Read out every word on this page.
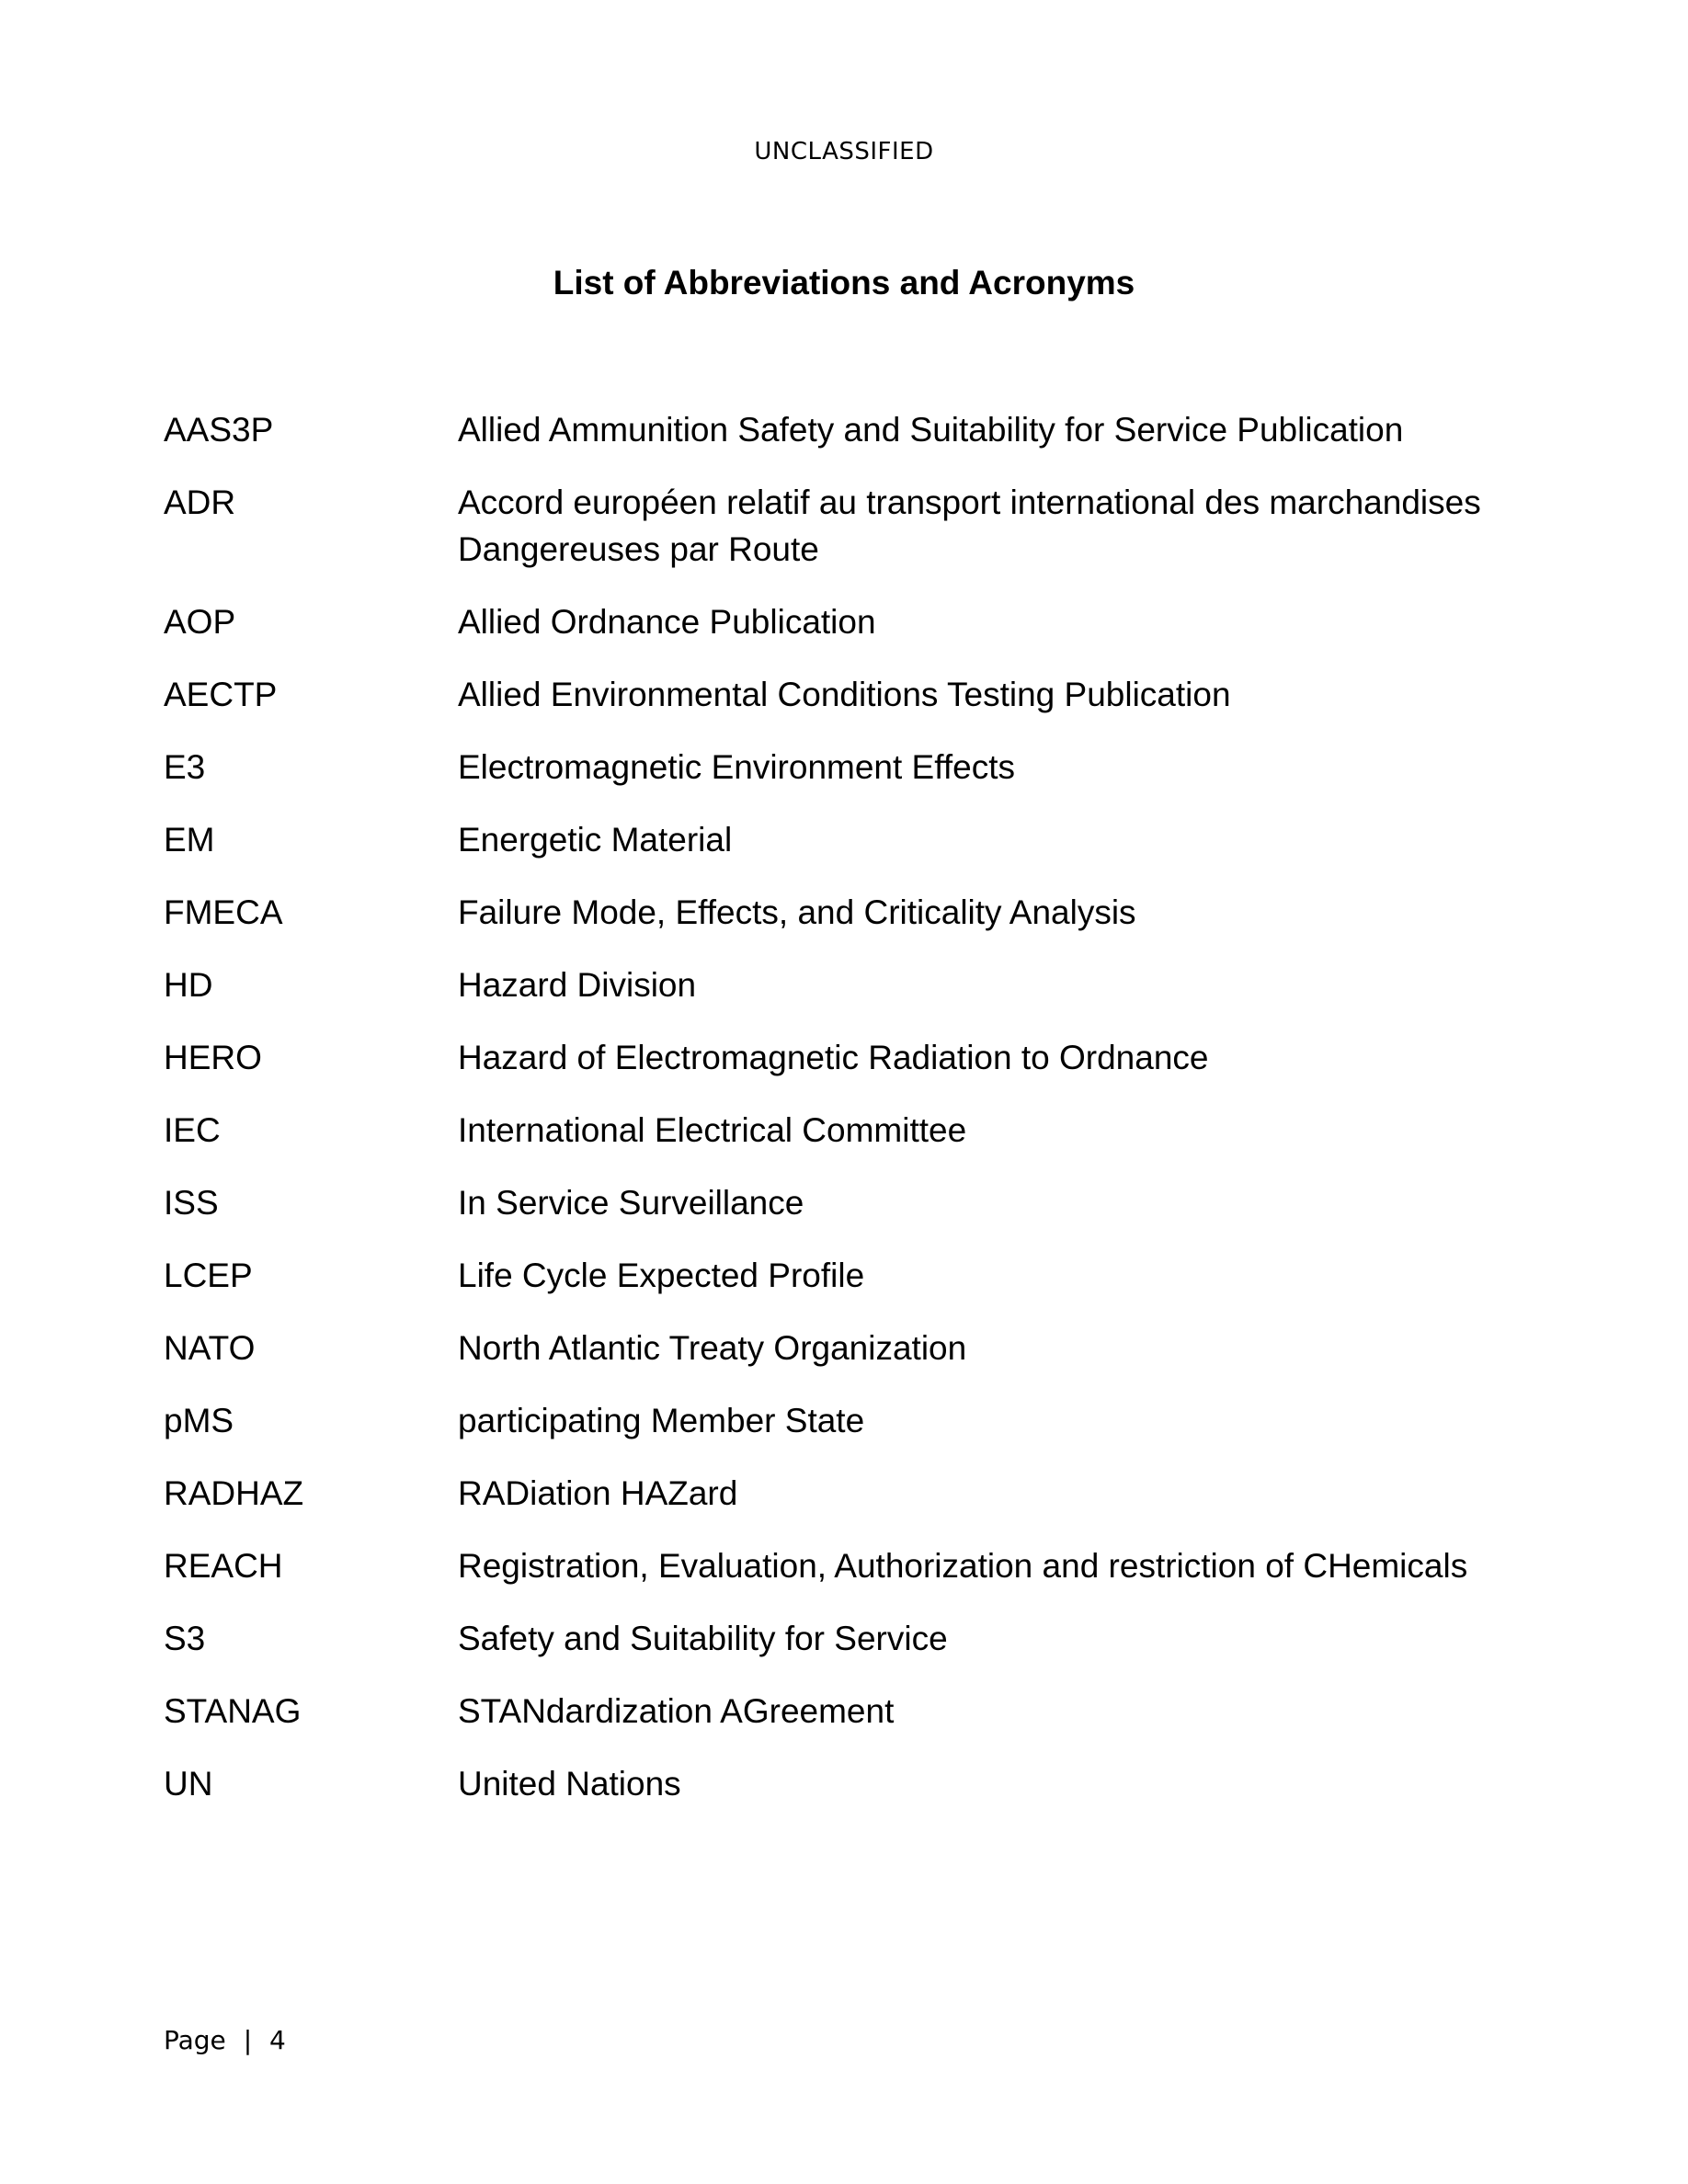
UNCLASSIFIED
List of Abbreviations and Acronyms
AAS3P	Allied Ammunition Safety and Suitability for Service Publication
ADR	Accord européen relatif au transport international des marchandises Dangereuses par Route
AOP	Allied Ordnance Publication
AECTP	Allied Environmental Conditions Testing Publication
E3	Electromagnetic Environment Effects
EM	Energetic Material
FMECA	Failure Mode, Effects, and Criticality Analysis
HD	Hazard Division
HERO	Hazard of Electromagnetic Radiation to Ordnance
IEC	International Electrical Committee
ISS	In Service Surveillance
LCEP	Life Cycle Expected Profile
NATO	North Atlantic Treaty Organization
pMS	participating Member State
RADHAZ	RADiation HAZard
REACH	Registration, Evaluation, Authorization and restriction of CHemicals
S3	Safety and Suitability for Service
STANAG	STANdardization AGreement
UN	United Nations
Page | 4
